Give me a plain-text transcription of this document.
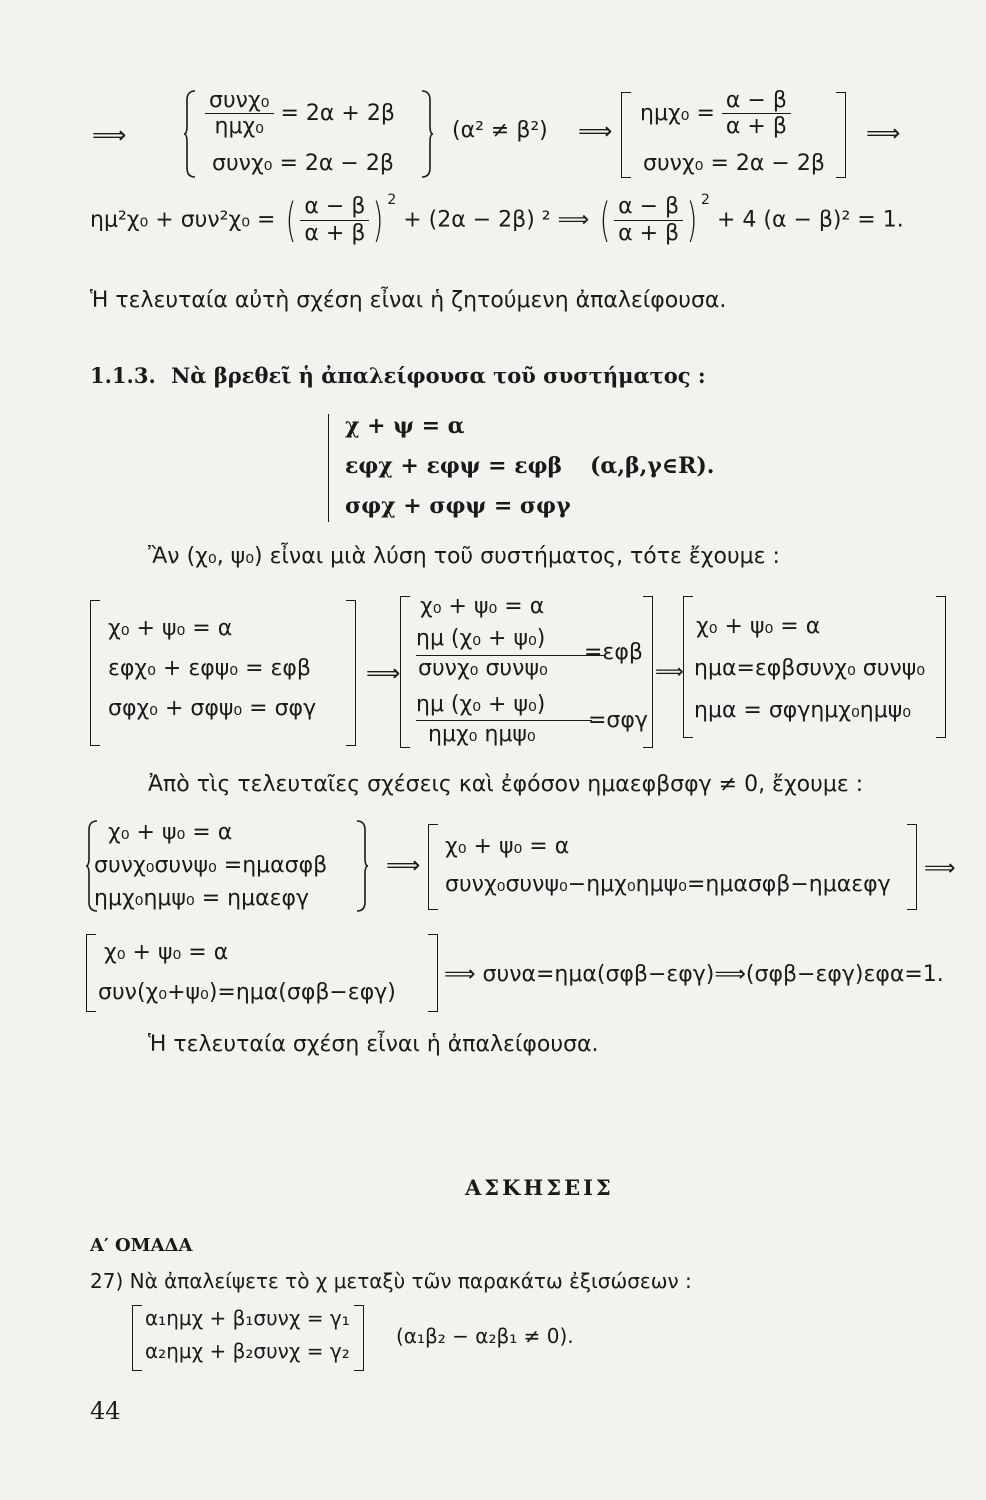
⟹	$\frac{\text{συνχ₀}}{\text{ημχ₀}} = 2\alpha + 2\beta$
συνχ₀ = 2α − 2β
(α² ≠ β²) ⟹
$\eta\mu\chi_0 = \frac{\alpha - \beta}{\alpha + \beta}$
συνχ₀ = 2α − 2β
⟹
ημ²χ₀ + συν²χ₀ = ( $\frac{\alpha - \beta}{\alpha + \beta}$ ) $^2$ + (2α − 2β) ² ⟹ ( $\frac{\alpha - \beta}{\alpha + \beta}$ ) $^2$ + 4 (α − β)² = 1.
Ἡ τελευταία αὐτὴ σχέση εἶναι ἡ ζητούμενη ἀπαλείφουσα.
1.1.3. Νὰ βρεθεῖ ἡ ἀπαλείφουσα τοῦ συστήματος :
χ + ψ = α
εφχ + εφψ = εφβ (α,β,γ∈R).
σφχ + σφψ = σφγ
Ἂν (χ₀, ψ₀) εἶναι μιὰ λύση τοῦ συστήματος, τότε ἔχουμε :
χ₀ + ψ₀ = α
εφχ₀ + εφψ₀ = εφβ
σφχ₀ + σφψ₀ = σφγ
⟹
χ₀ + ψ₀ = α
ημ (χ₀ + ψ₀)
συνχ₀ συνψ₀
=εφβ
ημ (χ₀ + ψ₀)
ημχ₀ ημψ₀
=σφγ
⟹
χ₀ + ψ₀ = α
ημα=εφβσυνχ₀ συνψ₀
ημα = σφγημχ₀ημψ₀
Ἀπὸ τὶς τελευταῖες σχέσεις καὶ ἐφόσον ημαεφβσφγ ≠ 0, ἔχουμε :
χ₀ + ψ₀ = α
συνχ₀συνψ₀ =ημασφβ
ημχ₀ημψ₀ = ημαεφγ
⟹
χ₀ + ψ₀ = α
συνχ₀συνψ₀−ημχ₀ημψ₀=ημασφβ−ημαεφγ
⟹
χ₀ + ψ₀ = α
συν(χ₀+ψ₀)=ημα(σφβ−εφγ)
⟹ συνα=ημα(σφβ−εφγ)⟹(σφβ−εφγ)εφα=1.
Ἡ τελευταία σχέση εἶναι ἡ ἀπαλείφουσα.
ΑΣΚΗΣΕΙΣ
Α′ ΟΜΑΔΑ
27) Νὰ ἀπαλείψετε τὸ χ μεταξὺ τῶν παρακάτω ἐξισώσεων :
α₁ημχ + β₁συνχ = γ₁
α₂ημχ + β₂συνχ = γ₂
(α₁β₂ − α₂β₁ ≠ 0).
44
